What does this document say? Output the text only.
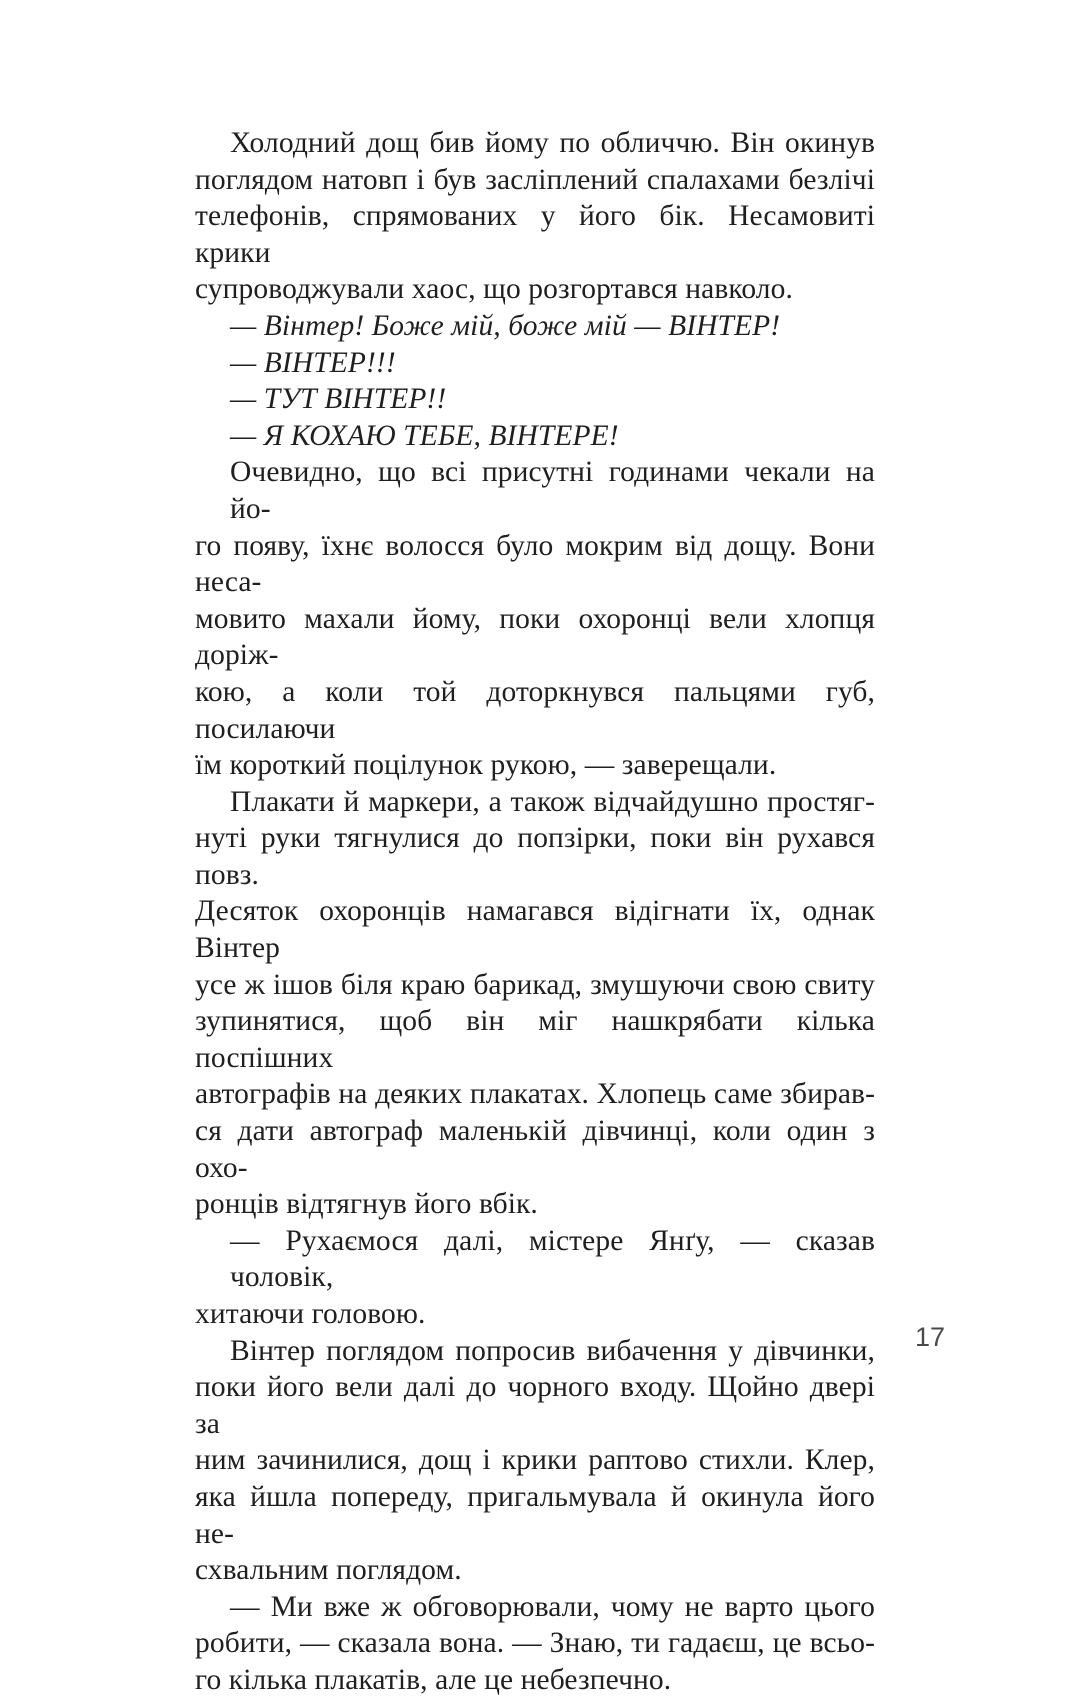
Холодний дощ бив йому по обличчю. Він окинув
поглядом натовп і був засліплений спалахами безлічі
телефонів, спрямованих у його бік. Несамовиті крики
супроводжували хаос, що розгортався навколо.
— Вінтер! Боже мій, боже мій — ВІНТЕР!
— ВІНТЕР!!!
— ТУТ ВІНТЕР!!
— Я КОХАЮ ТЕБЕ, ВІНТЕРЕ!
Очевидно, що всі присутні годинами чекали на йо-
го появу, їхнє волосся було мокрим від дощу. Вони неса-
мовито махали йому, поки охоронці вели хлопця доріж-
кою, а коли той доторкнувся пальцями губ, посилаючи
їм короткий поцілунок рукою, — заверещали.
Плакати й маркери, а також відчайдушно простяг-
нуті руки тягнулися до попзірки, поки він рухався повз.
Десяток охоронців намагався відігнати їх, однак Вінтер
усе ж ішов біля краю барикад, змушуючи свою свиту
зупинятися, щоб він міг нашкрябати кілька поспішних
автографів на деяких плакатах. Хлопець саме збирав-
ся дати автограф маленькій дівчинці, коли один з охо-
ронців відтягнув його вбік.
— Рухаємося далі, містере Янґу, — сказав чоловік,
хитаючи головою.
Вінтер поглядом попросив вибачення у дівчинки,
поки його вели далі до чорного входу. Щойно двері за
ним зачинилися, дощ і крики раптово стихли. Клер,
яка йшла попереду, пригальмувала й окинула його не-
схвальним поглядом.
— Ми вже ж обговорювали, чому не варто цього
робити, — сказала вона. — Знаю, ти гадаєш, це всьо-
го кілька плакатів, але це небезпечно.
17
